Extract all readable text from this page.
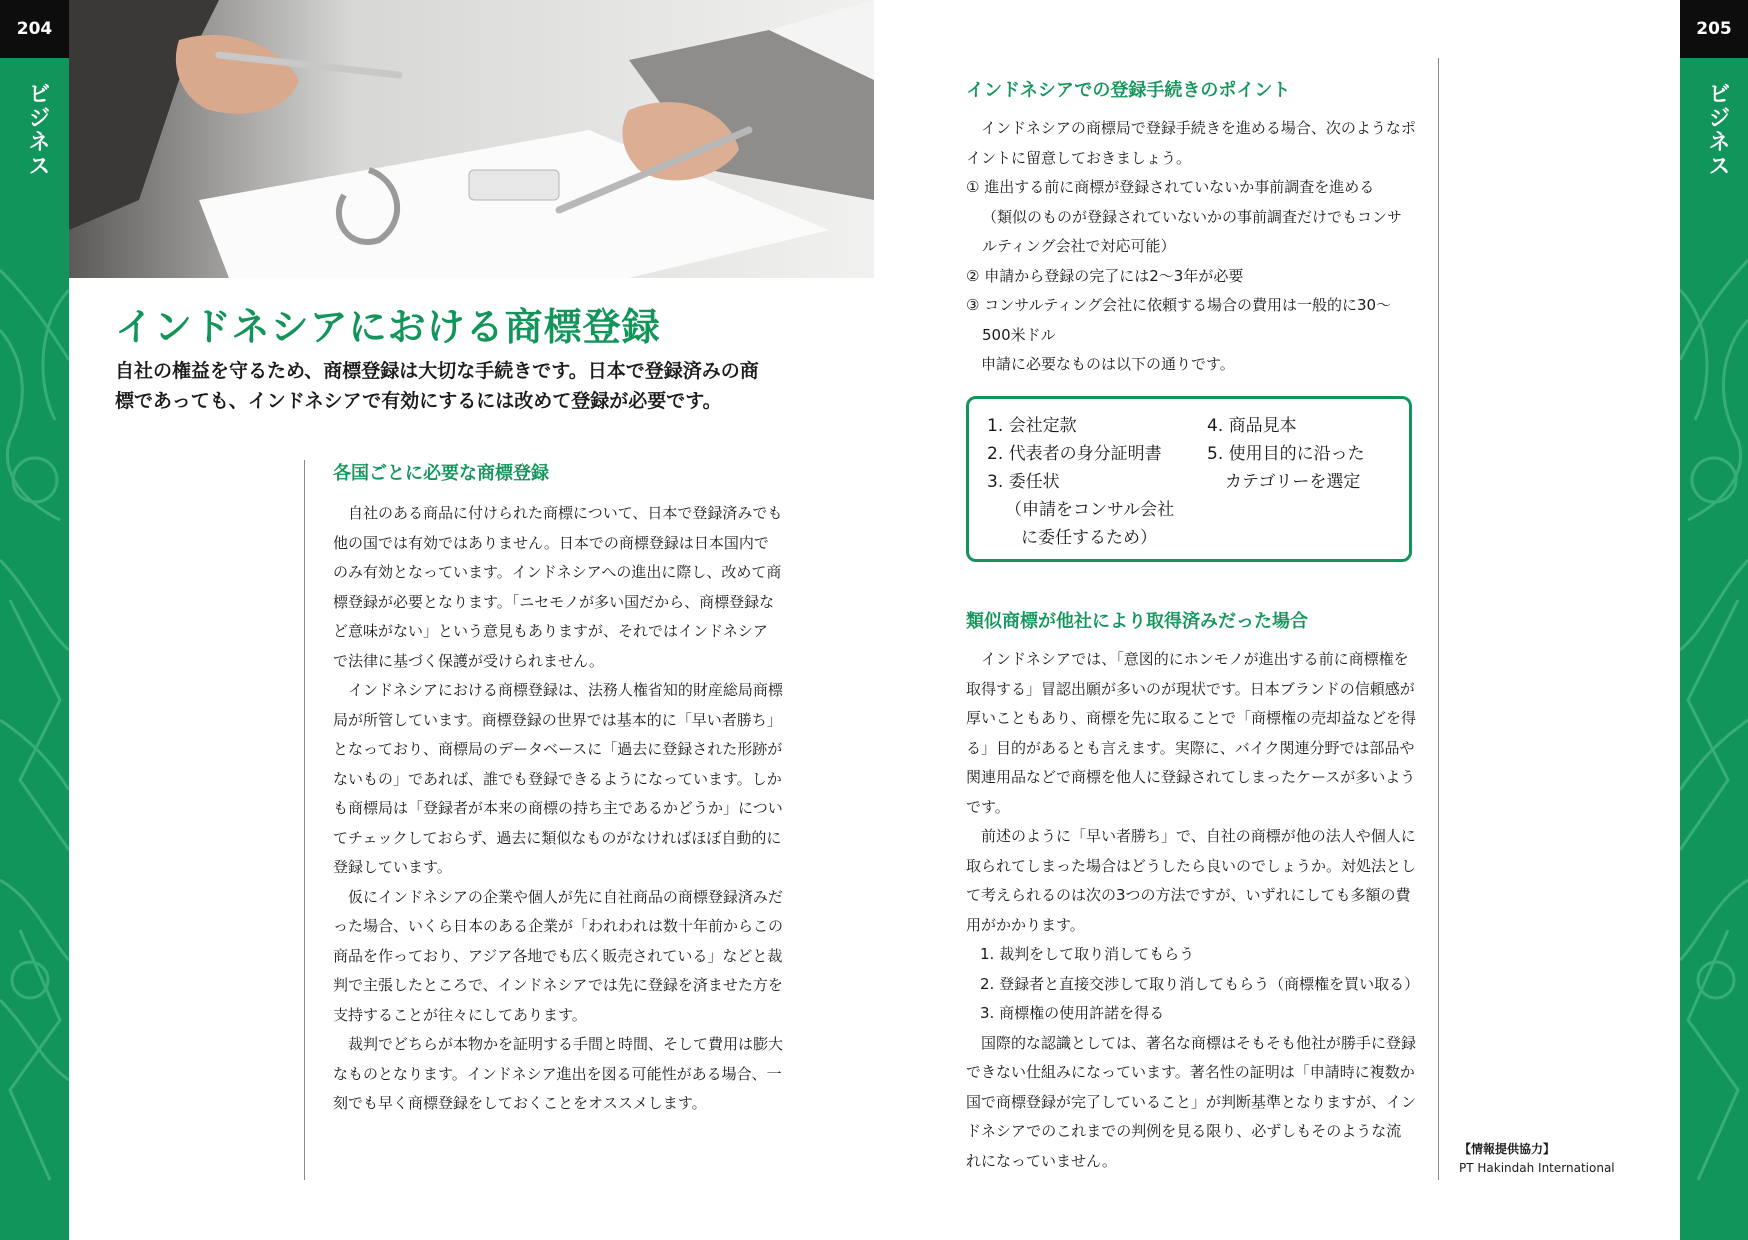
204
ビジネス
205
ビジネス
インドネシアにおける商標登録
自社の権益を守るため、商標登録は大切な手続きです。日本で登録済みの商標であっても、インドネシアで有効にするには改めて登録が必要です。
各国ごとに必要な商標登録

自社のある商品に付けられた商標について、日本で登録済みでも他の国では有効ではありません。日本での商標登録は日本国内でのみ有効となっています。インドネシアへの進出に際し、改めて商標登録が必要となります。「ニセモノが多い国だから、商標登録など意味がない」という意見もありますが、それではインドネシアで法律に基づく保護が受けられません。

インドネシアにおける商標登録は、法務人権省知的財産総局商標局が所管しています。商標登録の世界では基本的に「早い者勝ち」となっており、商標局のデータベースに「過去に登録された形跡がないもの」であれば、誰でも登録できるようになっています。しかも商標局は「登録者が本来の商標の持ち主であるかどうか」についてチェックしておらず、過去に類似なものがなければほぼ自動的に登録しています。

仮にインドネシアの企業や個人が先に自社商品の商標登録済みだった場合、いくら日本のある企業が「われわれは数十年前からこの商品を作っており、アジア各地でも広く販売されている」などと裁判で主張したところで、インドネシアでは先に登録を済ませた方を支持することが往々にしてあります。

裁判でどちらが本物かを証明する手間と時間、そして費用は膨大なものとなります。インドネシア進出を図る可能性がある場合、一刻でも早く商標登録をしておくことをオススメします。

インドネシアでの登録手続きのポイント

インドネシアの商標局で登録手続きを進める場合、次のようなポイントに留意しておきましょう。

① 進出する前に商標が登録されていないか事前調査を進める

（類似のものが登録されていないかの事前調査だけでもコンサルティング会社で対応可能）

② 申請から登録の完了には2～3年が必要

③ コンサルティング会社に依頼する場合の費用は一般的に30～500米ドル

申請に必要なものは以下の通りです。

1. 会社定款
2. 代表者の身分証明書
3. 委任状
（申請をコンサル会社
に委任するため）
4. 商品見本
5. 使用目的に沿った
カテゴリーを選定
類似商標が他社により取得済みだった場合

インドネシアでは、「意図的にホンモノが進出する前に商標権を取得する」冒認出願が多いのが現状です。日本ブランドの信頼感が厚いこともあり、商標を先に取ることで「商標権の売却益などを得る」目的があるとも言えます。実際に、バイク関連分野では部品や関連用品などで商標を他人に登録されてしまったケースが多いようです。

前述のように「早い者勝ち」で、自社の商標が他の法人や個人に取られてしまった場合はどうしたら良いのでしょうか。対処法として考えられるのは次の3つの方法ですが、いずれにしても多額の費用がかかります。

1. 裁判をして取り消してもらう

2. 登録者と直接交渉して取り消してもらう（商標権を買い取る）

3. 商標権の使用許諾を得る

国際的な認識としては、著名な商標はそもそも他社が勝手に登録できない仕組みになっています。著名性の証明は「申請時に複数か国で商標登録が完了していること」が判断基準となりますが、インドネシアでのこれまでの判例を見る限り、必ずしもそのような流れになっていません。

【情報提供協力】
PT Hakindah International
